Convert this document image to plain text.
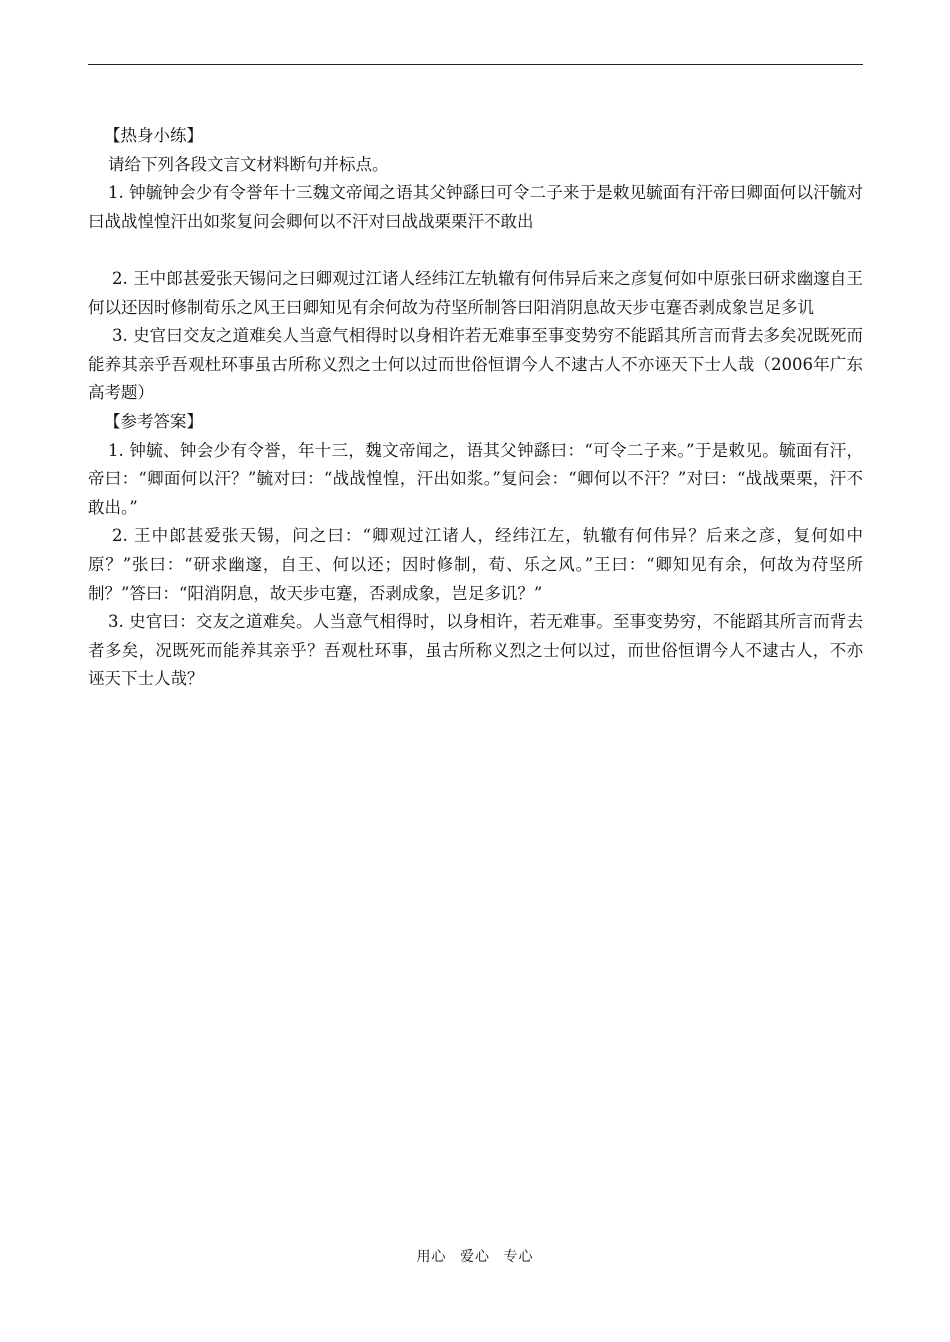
【热身小练】

请给下列各段文言文材料断句并标点。

1. 钟毓钟会少有令誉年十三魏文帝闻之语其父钟繇曰可令二子来于是敕见毓面有汗帝曰卿面何以汗毓对曰战战惶惶汗出如浆复问会卿何以不汗对曰战战栗栗汗不敢出

2. 王中郎甚爱张天锡问之曰卿观过江诸人经纬江左轨辙有何伟异后来之彦复何如中原张曰研求幽邃自王何以还因时修制荀乐之风王曰卿知见有余何故为苻坚所制答曰阳消阴息故天步屯蹇否剥成象岂足多讥

3. 史官曰交友之道难矣人当意气相得时以身相许若无难事至事变势穷不能蹈其所言而背去多矣况既死而能养其亲乎吾观杜环事虽古所称义烈之士何以过而世俗恒谓今人不逮古人不亦诬天下士人哉（2006年广东高考题）

【参考答案】

1. 钟毓、钟会少有令誉，年十三，魏文帝闻之，语其父钟繇曰：“可令二子来。”于是敕见。毓面有汗，帝曰：“卿面何以汗？”毓对曰：“战战惶惶，汗出如浆。”复问会：“卿何以不汗？”对曰：“战战栗栗，汗不敢出。”

2. 王中郎甚爱张天锡，问之曰：“卿观过江诸人，经纬江左，轨辙有何伟异？后来之彦，复何如中原？”张曰：“研求幽邃，自王、何以还；因时修制，荀、乐之风。”王曰：“卿知见有余，何故为苻坚所制？”答曰：“阳消阴息，故天步屯蹇，否剥成象，岂足多讥？”

3. 史官曰：交友之道难矣。人当意气相得时，以身相许，若无难事。至事变势穷，不能蹈其所言而背去者多矣，况既死而能养其亲乎？吾观杜环事，虽古所称义烈之士何以过，而世俗恒谓今人不逮古人，不亦诬天下士人哉？

用心 爱心 专心
